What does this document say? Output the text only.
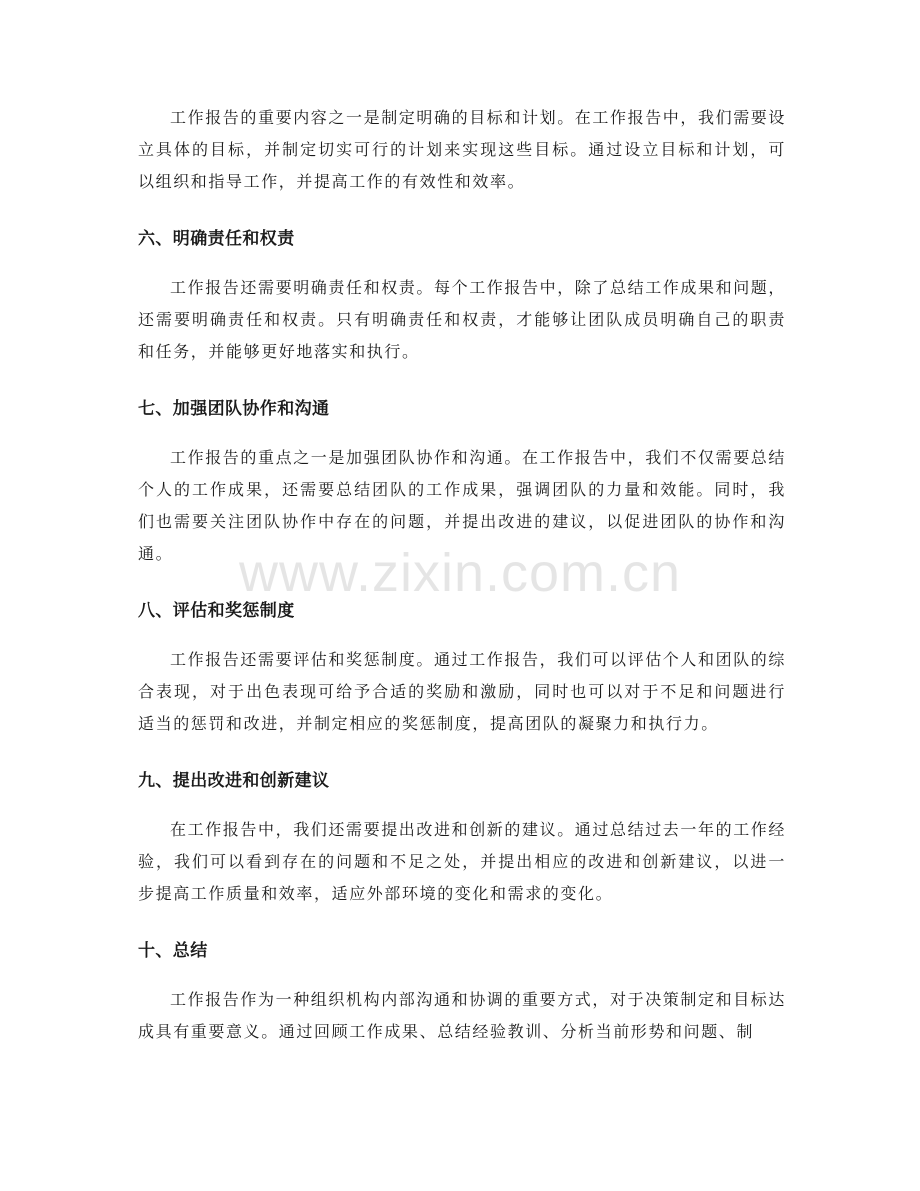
工作报告的重要内容之一是制定明确的目标和计划。在工作报告中，我们需要设立具体的目标，并制定切实可行的计划来实现这些目标。通过设立目标和计划，可以组织和指导工作，并提高工作的有效性和效率。

六、明确责任和权责

工作报告还需要明确责任和权责。每个工作报告中，除了总结工作成果和问题，还需要明确责任和权责。只有明确责任和权责，才能够让团队成员明确自己的职责和任务，并能够更好地落实和执行。

七、加强团队协作和沟通

工作报告的重点之一是加强团队协作和沟通。在工作报告中，我们不仅需要总结个人的工作成果，还需要总结团队的工作成果，强调团队的力量和效能。同时，我们也需要关注团队协作中存在的问题，并提出改进的建议，以促进团队的协作和沟通。

八、评估和奖惩制度

工作报告还需要评估和奖惩制度。通过工作报告，我们可以评估个人和团队的综合表现，对于出色表现可给予合适的奖励和激励，同时也可以对于不足和问题进行适当的惩罚和改进，并制定相应的奖惩制度，提高团队的凝聚力和执行力。

九、提出改进和创新建议

在工作报告中，我们还需要提出改进和创新的建议。通过总结过去一年的工作经验，我们可以看到存在的问题和不足之处，并提出相应的改进和创新建议，以进一步提高工作质量和效率，适应外部环境的变化和需求的变化。

十、总结

工作报告作为一种组织机构内部沟通和协调的重要方式，对于决策制定和目标达成具有重要意义。通过回顾工作成果、总结经验教训、分析当前形势和问题、制

www.zixin.com.cn
